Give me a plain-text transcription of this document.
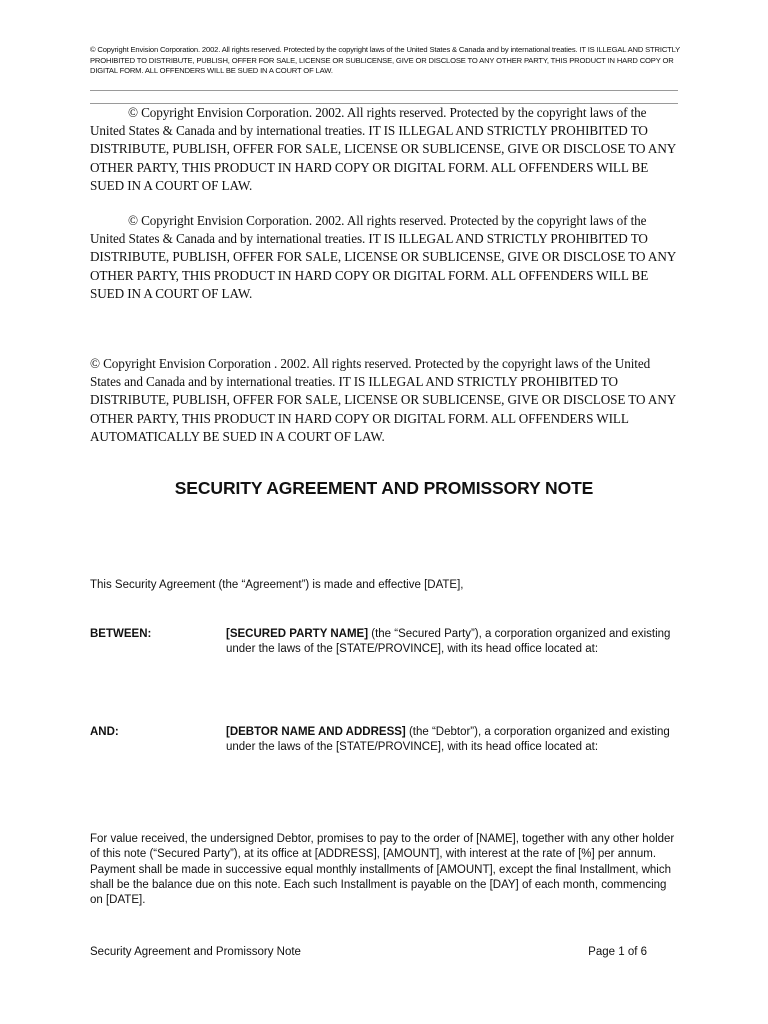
© Copyright Envision Corporation. 2002. All rights reserved. Protected by the copyright laws of the United States & Canada and by international treaties. IT IS ILLEGAL AND STRICTLY PROHIBITED TO DISTRIBUTE, PUBLISH, OFFER FOR SALE, LICENSE OR SUBLICENSE, GIVE OR DISCLOSE TO ANY OTHER PARTY, THIS PRODUCT IN HARD COPY OR DIGITAL FORM. ALL OFFENDERS WILL BE SUED IN A COURT OF LAW.
© Copyright Envision Corporation. 2002. All rights reserved. Protected by the copyright laws of the United States & Canada and by international treaties. IT IS ILLEGAL AND STRICTLY PROHIBITED TO DISTRIBUTE, PUBLISH, OFFER FOR SALE, LICENSE OR SUBLICENSE, GIVE OR DISCLOSE TO ANY OTHER PARTY, THIS PRODUCT IN HARD COPY OR DIGITAL FORM. ALL OFFENDERS WILL BE SUED IN A COURT OF LAW.
© Copyright Envision Corporation. 2002. All rights reserved. Protected by the copyright laws of the United States & Canada and by international treaties. IT IS ILLEGAL AND STRICTLY PROHIBITED TO DISTRIBUTE, PUBLISH, OFFER FOR SALE, LICENSE OR SUBLICENSE, GIVE OR DISCLOSE TO ANY OTHER PARTY, THIS PRODUCT IN HARD COPY OR DIGITAL FORM. ALL OFFENDERS WILL BE SUED IN A COURT OF LAW.
© Copyright Envision Corporation . 2002. All rights reserved. Protected by the copyright laws of the United States and Canada and by international treaties. IT IS ILLEGAL AND STRICTLY PROHIBITED TO DISTRIBUTE, PUBLISH, OFFER FOR SALE, LICENSE OR SUBLICENSE, GIVE OR DISCLOSE TO ANY OTHER PARTY, THIS PRODUCT IN HARD COPY OR DIGITAL FORM. ALL OFFENDERS WILL AUTOMATICALLY BE SUED IN A COURT OF LAW.
SECURITY AGREEMENT AND PROMISSORY NOTE
This Security Agreement (the “Agreement”) is made and effective [DATE],
BETWEEN:	[SECURED PARTY NAME] (the “Secured Party”), a corporation organized and existing under the laws of the [STATE/PROVINCE], with its head office located at:
AND:	[DEBTOR NAME AND ADDRESS] (the “Debtor”), a corporation organized and existing under the laws of the [STATE/PROVINCE], with its head office located at:
For value received, the undersigned Debtor, promises to pay to the order of [NAME], together with any other holder of this note (“Secured Party”), at its office at [ADDRESS], [AMOUNT], with interest at the rate of [%] per annum. Payment shall be made in successive equal monthly installments of [AMOUNT], except the final Installment, which shall be the balance due on this note. Each such Installment is payable on the [DAY] of each month, commencing on [DATE].
Security Agreement and Promissory Note	Page 1 of 6
